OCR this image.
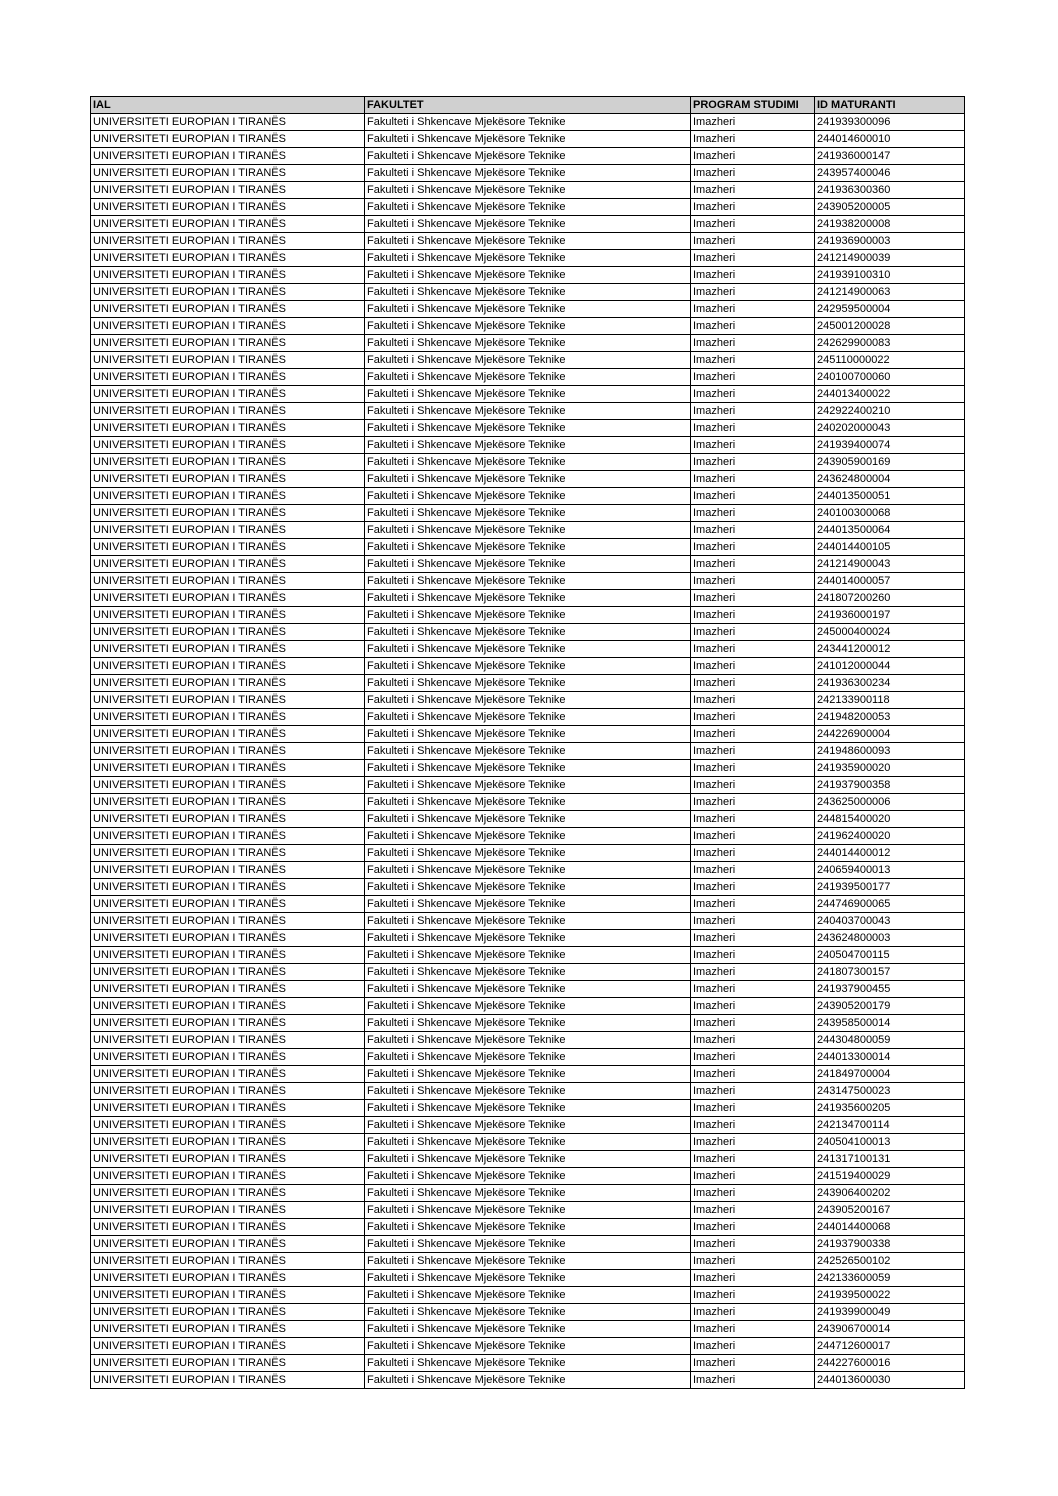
IAL	FAKULTET	PROGRAM STUDIMI	ID MATURANTI
UNIVERSITETI EUROPIAN I TIRANËS	Fakulteti i Shkencave Mjekësore Teknike	Imazheri	241939300096
UNIVERSITETI EUROPIAN I TIRANËS	Fakulteti i Shkencave Mjekësore Teknike	Imazheri	244014600010
UNIVERSITETI EUROPIAN I TIRANËS	Fakulteti i Shkencave Mjekësore Teknike	Imazheri	241936000147
UNIVERSITETI EUROPIAN I TIRANËS	Fakulteti i Shkencave Mjekësore Teknike	Imazheri	243957400046
UNIVERSITETI EUROPIAN I TIRANËS	Fakulteti i Shkencave Mjekësore Teknike	Imazheri	241936300360
UNIVERSITETI EUROPIAN I TIRANËS	Fakulteti i Shkencave Mjekësore Teknike	Imazheri	243905200005
UNIVERSITETI EUROPIAN I TIRANËS	Fakulteti i Shkencave Mjekësore Teknike	Imazheri	241938200008
UNIVERSITETI EUROPIAN I TIRANËS	Fakulteti i Shkencave Mjekësore Teknike	Imazheri	241936900003
UNIVERSITETI EUROPIAN I TIRANËS	Fakulteti i Shkencave Mjekësore Teknike	Imazheri	241214900039
UNIVERSITETI EUROPIAN I TIRANËS	Fakulteti i Shkencave Mjekësore Teknike	Imazheri	241939100310
UNIVERSITETI EUROPIAN I TIRANËS	Fakulteti i Shkencave Mjekësore Teknike	Imazheri	241214900063
UNIVERSITETI EUROPIAN I TIRANËS	Fakulteti i Shkencave Mjekësore Teknike	Imazheri	242959500004
UNIVERSITETI EUROPIAN I TIRANËS	Fakulteti i Shkencave Mjekësore Teknike	Imazheri	245001200028
UNIVERSITETI EUROPIAN I TIRANËS	Fakulteti i Shkencave Mjekësore Teknike	Imazheri	242629900083
UNIVERSITETI EUROPIAN I TIRANËS	Fakulteti i Shkencave Mjekësore Teknike	Imazheri	245110000022
UNIVERSITETI EUROPIAN I TIRANËS	Fakulteti i Shkencave Mjekësore Teknike	Imazheri	240100700060
UNIVERSITETI EUROPIAN I TIRANËS	Fakulteti i Shkencave Mjekësore Teknike	Imazheri	244013400022
UNIVERSITETI EUROPIAN I TIRANËS	Fakulteti i Shkencave Mjekësore Teknike	Imazheri	242922400210
UNIVERSITETI EUROPIAN I TIRANËS	Fakulteti i Shkencave Mjekësore Teknike	Imazheri	240202000043
UNIVERSITETI EUROPIAN I TIRANËS	Fakulteti i Shkencave Mjekësore Teknike	Imazheri	241939400074
UNIVERSITETI EUROPIAN I TIRANËS	Fakulteti i Shkencave Mjekësore Teknike	Imazheri	243905900169
UNIVERSITETI EUROPIAN I TIRANËS	Fakulteti i Shkencave Mjekësore Teknike	Imazheri	243624800004
UNIVERSITETI EUROPIAN I TIRANËS	Fakulteti i Shkencave Mjekësore Teknike	Imazheri	244013500051
UNIVERSITETI EUROPIAN I TIRANËS	Fakulteti i Shkencave Mjekësore Teknike	Imazheri	240100300068
UNIVERSITETI EUROPIAN I TIRANËS	Fakulteti i Shkencave Mjekësore Teknike	Imazheri	244013500064
UNIVERSITETI EUROPIAN I TIRANËS	Fakulteti i Shkencave Mjekësore Teknike	Imazheri	244014400105
UNIVERSITETI EUROPIAN I TIRANËS	Fakulteti i Shkencave Mjekësore Teknike	Imazheri	241214900043
UNIVERSITETI EUROPIAN I TIRANËS	Fakulteti i Shkencave Mjekësore Teknike	Imazheri	244014000057
UNIVERSITETI EUROPIAN I TIRANËS	Fakulteti i Shkencave Mjekësore Teknike	Imazheri	241807200260
UNIVERSITETI EUROPIAN I TIRANËS	Fakulteti i Shkencave Mjekësore Teknike	Imazheri	241936000197
UNIVERSITETI EUROPIAN I TIRANËS	Fakulteti i Shkencave Mjekësore Teknike	Imazheri	245000400024
UNIVERSITETI EUROPIAN I TIRANËS	Fakulteti i Shkencave Mjekësore Teknike	Imazheri	243441200012
UNIVERSITETI EUROPIAN I TIRANËS	Fakulteti i Shkencave Mjekësore Teknike	Imazheri	241012000044
UNIVERSITETI EUROPIAN I TIRANËS	Fakulteti i Shkencave Mjekësore Teknike	Imazheri	241936300234
UNIVERSITETI EUROPIAN I TIRANËS	Fakulteti i Shkencave Mjekësore Teknike	Imazheri	242133900118
UNIVERSITETI EUROPIAN I TIRANËS	Fakulteti i Shkencave Mjekësore Teknike	Imazheri	241948200053
UNIVERSITETI EUROPIAN I TIRANËS	Fakulteti i Shkencave Mjekësore Teknike	Imazheri	244226900004
UNIVERSITETI EUROPIAN I TIRANËS	Fakulteti i Shkencave Mjekësore Teknike	Imazheri	241948600093
UNIVERSITETI EUROPIAN I TIRANËS	Fakulteti i Shkencave Mjekësore Teknike	Imazheri	241935900020
UNIVERSITETI EUROPIAN I TIRANËS	Fakulteti i Shkencave Mjekësore Teknike	Imazheri	241937900358
UNIVERSITETI EUROPIAN I TIRANËS	Fakulteti i Shkencave Mjekësore Teknike	Imazheri	243625000006
UNIVERSITETI EUROPIAN I TIRANËS	Fakulteti i Shkencave Mjekësore Teknike	Imazheri	244815400020
UNIVERSITETI EUROPIAN I TIRANËS	Fakulteti i Shkencave Mjekësore Teknike	Imazheri	241962400020
UNIVERSITETI EUROPIAN I TIRANËS	Fakulteti i Shkencave Mjekësore Teknike	Imazheri	244014400012
UNIVERSITETI EUROPIAN I TIRANËS	Fakulteti i Shkencave Mjekësore Teknike	Imazheri	240659400013
UNIVERSITETI EUROPIAN I TIRANËS	Fakulteti i Shkencave Mjekësore Teknike	Imazheri	241939500177
UNIVERSITETI EUROPIAN I TIRANËS	Fakulteti i Shkencave Mjekësore Teknike	Imazheri	244746900065
UNIVERSITETI EUROPIAN I TIRANËS	Fakulteti i Shkencave Mjekësore Teknike	Imazheri	240403700043
UNIVERSITETI EUROPIAN I TIRANËS	Fakulteti i Shkencave Mjekësore Teknike	Imazheri	243624800003
UNIVERSITETI EUROPIAN I TIRANËS	Fakulteti i Shkencave Mjekësore Teknike	Imazheri	240504700115
UNIVERSITETI EUROPIAN I TIRANËS	Fakulteti i Shkencave Mjekësore Teknike	Imazheri	241807300157
UNIVERSITETI EUROPIAN I TIRANËS	Fakulteti i Shkencave Mjekësore Teknike	Imazheri	241937900455
UNIVERSITETI EUROPIAN I TIRANËS	Fakulteti i Shkencave Mjekësore Teknike	Imazheri	243905200179
UNIVERSITETI EUROPIAN I TIRANËS	Fakulteti i Shkencave Mjekësore Teknike	Imazheri	243958500014
UNIVERSITETI EUROPIAN I TIRANËS	Fakulteti i Shkencave Mjekësore Teknike	Imazheri	244304800059
UNIVERSITETI EUROPIAN I TIRANËS	Fakulteti i Shkencave Mjekësore Teknike	Imazheri	244013300014
UNIVERSITETI EUROPIAN I TIRANËS	Fakulteti i Shkencave Mjekësore Teknike	Imazheri	241849700004
UNIVERSITETI EUROPIAN I TIRANËS	Fakulteti i Shkencave Mjekësore Teknike	Imazheri	243147500023
UNIVERSITETI EUROPIAN I TIRANËS	Fakulteti i Shkencave Mjekësore Teknike	Imazheri	241935600205
UNIVERSITETI EUROPIAN I TIRANËS	Fakulteti i Shkencave Mjekësore Teknike	Imazheri	242134700114
UNIVERSITETI EUROPIAN I TIRANËS	Fakulteti i Shkencave Mjekësore Teknike	Imazheri	240504100013
UNIVERSITETI EUROPIAN I TIRANËS	Fakulteti i Shkencave Mjekësore Teknike	Imazheri	241317100131
UNIVERSITETI EUROPIAN I TIRANËS	Fakulteti i Shkencave Mjekësore Teknike	Imazheri	241519400029
UNIVERSITETI EUROPIAN I TIRANËS	Fakulteti i Shkencave Mjekësore Teknike	Imazheri	243906400202
UNIVERSITETI EUROPIAN I TIRANËS	Fakulteti i Shkencave Mjekësore Teknike	Imazheri	243905200167
UNIVERSITETI EUROPIAN I TIRANËS	Fakulteti i Shkencave Mjekësore Teknike	Imazheri	244014400068
UNIVERSITETI EUROPIAN I TIRANËS	Fakulteti i Shkencave Mjekësore Teknike	Imazheri	241937900338
UNIVERSITETI EUROPIAN I TIRANËS	Fakulteti i Shkencave Mjekësore Teknike	Imazheri	242526500102
UNIVERSITETI EUROPIAN I TIRANËS	Fakulteti i Shkencave Mjekësore Teknike	Imazheri	242133600059
UNIVERSITETI EUROPIAN I TIRANËS	Fakulteti i Shkencave Mjekësore Teknike	Imazheri	241939500022
UNIVERSITETI EUROPIAN I TIRANËS	Fakulteti i Shkencave Mjekësore Teknike	Imazheri	241939900049
UNIVERSITETI EUROPIAN I TIRANËS	Fakulteti i Shkencave Mjekësore Teknike	Imazheri	243906700014
UNIVERSITETI EUROPIAN I TIRANËS	Fakulteti i Shkencave Mjekësore Teknike	Imazheri	244712600017
UNIVERSITETI EUROPIAN I TIRANËS	Fakulteti i Shkencave Mjekësore Teknike	Imazheri	244227600016
UNIVERSITETI EUROPIAN I TIRANËS	Fakulteti i Shkencave Mjekësore Teknike	Imazheri	244013600030
